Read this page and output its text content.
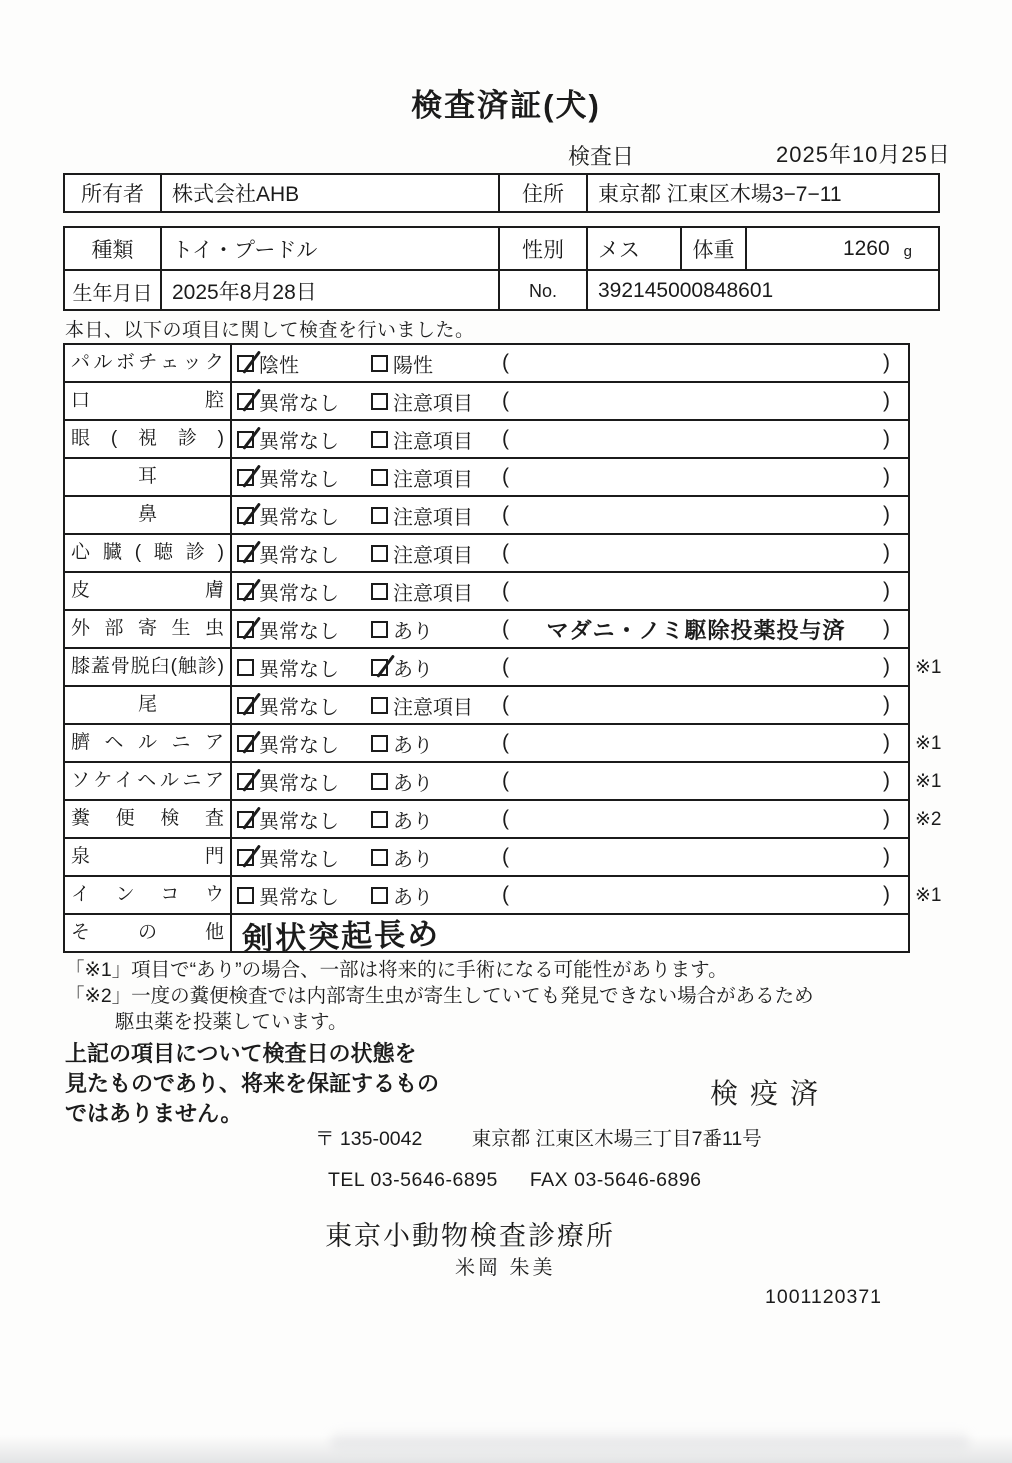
検査済証(犬)
検査日	2025年10月25日
所有者	株式会社AHB	住所	東京都 江東区木場3−7−11
種類	トイ・プードル	性別	メス	体重	1260 g
生年月日 2025年8月28日	No.	392145000848601
本日、以下の項目に関して検査を行いました。
パルボチェック	陰性	陽性	(	)
口腔	異常なし	注意項目 (	)
眼(視診)	異常なし	注意項目 (	)
耳	異常なし	注意項目 (	)
鼻	異常なし	注意項目 (	)
心臓(聴診)	異常なし	注意項目 (	)
皮膚	異常なし	注意項目 (	)
外部寄生虫	異常なし	あり	( マダニ・ノミ駆除投薬投与済 )
膝蓋骨脱臼(触診)	異常なし	あり	(	) ※1
尾	異常なし	注意項目 (	)
臍ヘルニア	異常なし	あり	(	) ※1
ソケイヘルニア	異常なし	あり	(	) ※1
糞便検査	異常なし	あり	(	) ※2
泉門	異常なし	あり	(	)
インコウ	異常なし	あり	(	) ※1
その他 剣状突起長め
「※1」項目で“あり”の場合、一部は将来的に手術になる可能性があります。
「※2」一度の糞便検査では内部寄生虫が寄生していても発見できない場合があるため
駆虫薬を投薬しています。
上記の項目について検査日の状態を
見たものであり、将来を保証するもの
ではありません。
検疫済
〒 135-0042	東京都 江東区木場三丁目7番11号
TEL 03-5646-6895 FAX 03-5646-6896
東京小動物検査診療所
米岡 朱美
1001120371
